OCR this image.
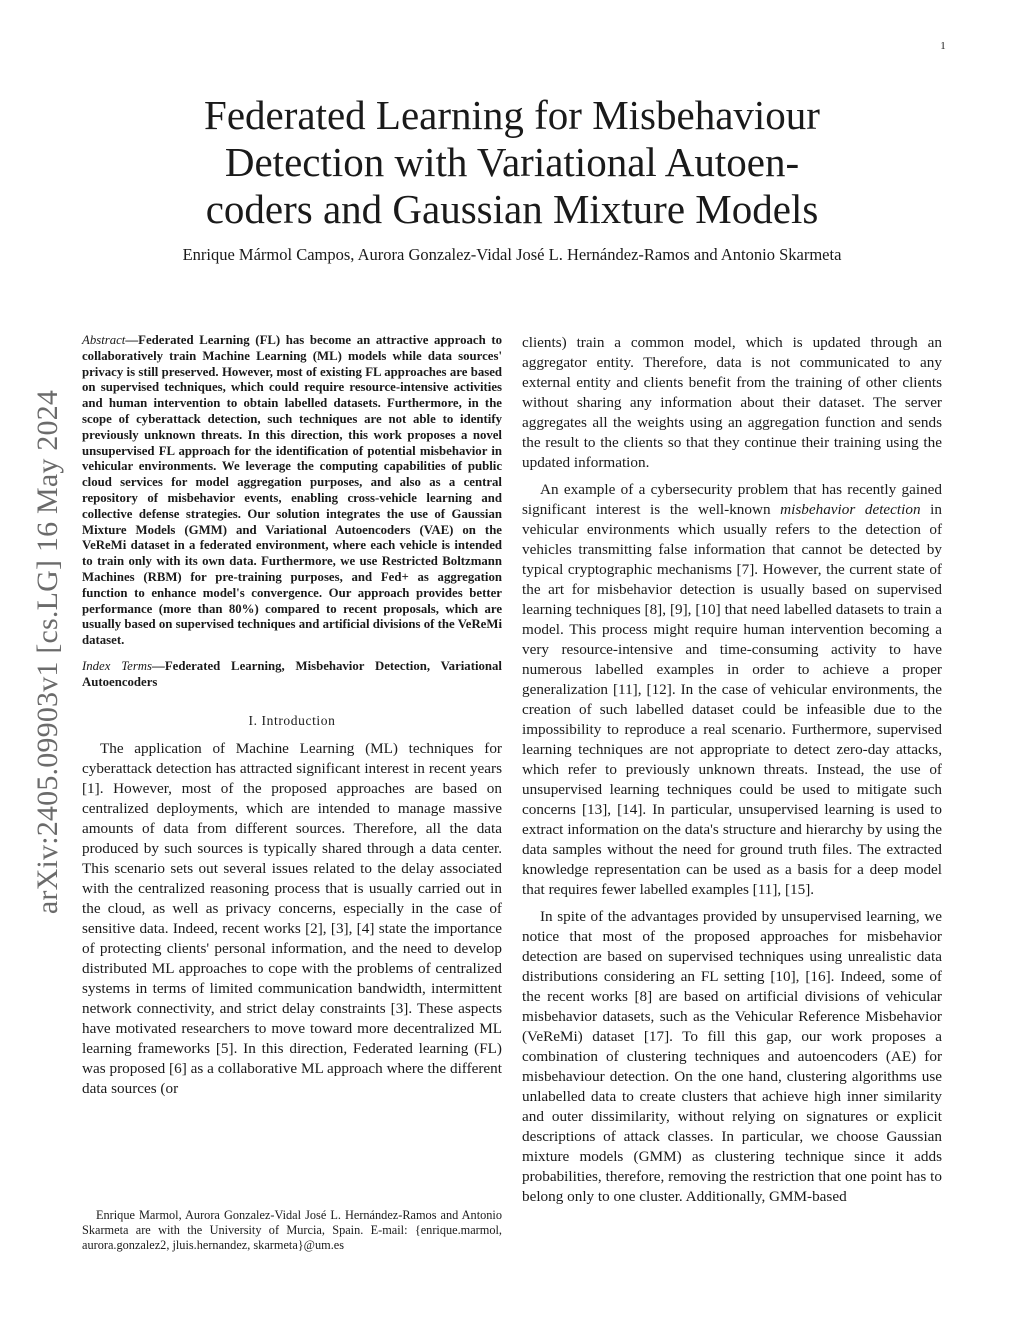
1
arXiv:2405.09903v1 [cs.LG] 16 May 2024
Federated Learning for Misbehaviour
Detection with Variational Autoen-
coders and Gaussian Mixture Models
Enrique Mármol Campos, Aurora Gonzalez-Vidal José L. Hernández-Ramos and Antonio Skarmeta

Abstract—Federated Learning (FL) has become an attractive approach to collaboratively train Machine Learning (ML) models while data sources' privacy is still preserved. However, most of existing FL approaches are based on supervised techniques, which could require resource-intensive activities and human intervention to obtain labelled datasets. Furthermore, in the scope of cyberattack detection, such techniques are not able to identify previously unknown threats. In this direction, this work proposes a novel unsupervised FL approach for the identification of potential misbehavior in vehicular environments. We leverage the computing capabilities of public cloud services for model aggregation purposes, and also as a central repository of misbehavior events, enabling cross-vehicle learning and collective defense strategies. Our solution integrates the use of Gaussian Mixture Models (GMM) and Variational Autoencoders (VAE) on the VeReMi dataset in a federated environment, where each vehicle is intended to train only with its own data. Furthermore, we use Restricted Boltzmann Machines (RBM) for pre-training purposes, and Fed+ as aggregation function to enhance model's convergence. Our approach provides better performance (more than 80%) compared to recent proposals, which are usually based on supervised techniques and artificial divisions of the VeReMi dataset.

Index Terms—Federated Learning, Misbehavior Detection, Variational Autoencoders

I. Introduction

The application of Machine Learning (ML) techniques for cyberattack detection has attracted significant interest in recent years [1]. However, most of the proposed approaches are based on centralized deployments, which are intended to manage massive amounts of data from different sources. Therefore, all the data produced by such sources is typically shared through a data center. This scenario sets out several issues related to the delay associated with the centralized reasoning process that is usually carried out in the cloud, as well as privacy concerns, especially in the case of sensitive data. Indeed, recent works [2], [3], [4] state the importance of protecting clients' personal information, and the need to develop distributed ML approaches to cope with the problems of centralized systems in terms of limited communication bandwidth, intermittent network connectivity, and strict delay constraints [3]. These aspects have motivated researchers to move toward more decentralized ML learning frameworks [5]. In this direction, Federated learning (FL) was proposed [6] as a collaborative ML approach where the different data sources (or

Enrique Marmol, Aurora Gonzalez-Vidal José L. Hernández-Ramos and Antonio Skarmeta are with the University of Murcia, Spain. E-mail: {enrique.marmol, aurora.gonzalez2, jluis.hernandez, skarmeta}@um.es

clients) train a common model, which is updated through an aggregator entity. Therefore, data is not communicated to any external entity and clients benefit from the training of other clients without sharing any information about their dataset. The server aggregates all the weights using an aggregation function and sends the result to the clients so that they continue their training using the updated information.

An example of a cybersecurity problem that has recently gained significant interest is the well-known misbehavior detection in vehicular environments which usually refers to the detection of vehicles transmitting false information that cannot be detected by typical cryptographic mechanisms [7]. However, the current state of the art for misbehavior detection is usually based on supervised learning techniques [8], [9], [10] that need labelled datasets to train a model. This process might require human intervention becoming a very resource-intensive and time-consuming activity to have numerous labelled examples in order to achieve a proper generalization [11], [12]. In the case of vehicular environments, the creation of such labelled dataset could be infeasible due to the impossibility to reproduce a real scenario. Furthermore, supervised learning techniques are not appropriate to detect zero-day attacks, which refer to previously unknown threats. Instead, the use of unsupervised learning techniques could be used to mitigate such concerns [13], [14]. In particular, unsupervised learning is used to extract information on the data's structure and hierarchy by using the data samples without the need for ground truth files. The extracted knowledge representation can be used as a basis for a deep model that requires fewer labelled examples [11], [15].

In spite of the advantages provided by unsupervised learning, we notice that most of the proposed approaches for misbehavior detection are based on supervised techniques using unrealistic data distributions considering an FL setting [10], [16]. Indeed, some of the recent works [8] are based on artificial divisions of vehicular misbehavior datasets, such as the Vehicular Reference Misbehavior (VeReMi) dataset [17]. To fill this gap, our work proposes a combination of clustering techniques and autoencoders (AE) for misbehaviour detection. On the one hand, clustering algorithms use unlabelled data to create clusters that achieve high inner similarity and outer dissimilarity, without relying on signatures or explicit descriptions of attack classes. In particular, we choose Gaussian mixture models (GMM) as clustering technique since it adds probabilities, therefore, removing the restriction that one point has to belong only to one cluster. Additionally, GMM-based
